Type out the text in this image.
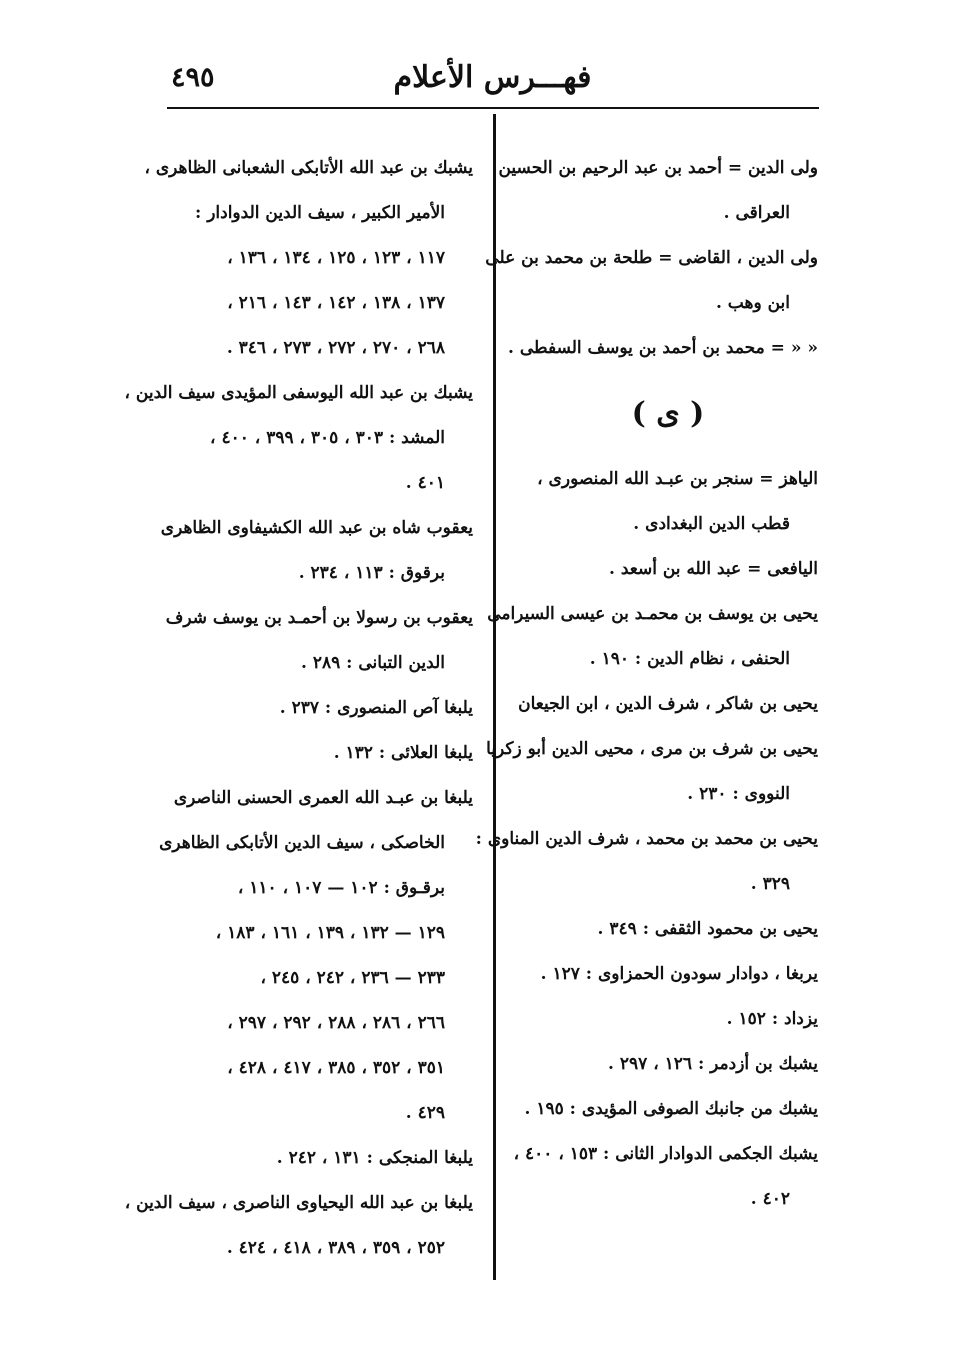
٤٩٥	فهـــرس الأعلام
ولى الدين = أحمد بن عبد الرحيم بن الحسين
العراقى .
ولى الدين ، القاضى = طلحة بن محمد بن على
ابن وهب .
« « = محمد بن أحمد بن يوسف السفطى .
( ى )
الياهز = سنجر بن عبـد الله المنصورى ،
قطب الدين البغدادى .
اليافعى = عبد الله بن أسعد .
يحيى بن يوسف بن محمـد بن عيسى السيرامى
الحنفى ، نظام الدين : ١٩٠ .
يحيى بن شاكر ، شرف الدين ، ابن الجيعان
يحيى بن شرف بن مرى ، محيى الدين أبو زكريا
النووى : ٢٣٠ .
يحيى بن محمد بن محمد ، شرف الدين المناوى :
٣٢٩ .
يحيى بن محمود الثقفى : ٣٤٩ .
يربغا ، دوادار سودون الحمزاوى : ١٢٧ .
يزداد : ١٥٢ .
يشبك بن أزدمر : ١٢٦ ، ٢٩٧ .
يشبك من جانبك الصوفى المؤيدى : ١٩٥ .
يشبك الجكمى الدوادار الثانى : ١٥٣ ، ٤٠٠ ،
٤٠٢ .
يشبك بن عبد الله الأتابكى الشعبانى الظاهرى ،
الأمير الكبير ، سيف الدين الدوادار :
١١٧ ، ١٢٣ ، ١٢٥ ، ١٣٤ ، ١٣٦ ،
١٣٧ ، ١٣٨ ، ١٤٢ ، ١٤٣ ، ٢١٦ ،
٢٦٨ ، ٢٧٠ ، ٢٧٢ ، ٢٧٣ ، ٣٤٦ .
يشبك بن عبد الله اليوسفى المؤيدى سيف الدين ،
المشد : ٣٠٣ ، ٣٠٥ ، ٣٩٩ ، ٤٠٠ ،
٤٠١ .
يعقوب شاه بن عبد الله الكشيفاوى الظاهرى
برقوق : ١١٣ ، ٢٣٤ .
يعقوب بن رسولا بن أحمـد بن يوسف شرف
الدين التبانى : ٢٨٩ .
يلبغا آص المنصورى : ٢٣٧ .
يلبغا العلائى : ١٣٢ .
يلبغا بن عبـد الله العمرى الحسنى الناصرى
الخاصكى ، سيف الدين الأتابكى الظاهرى
برقـوق : ١٠٢ — ١٠٧ ، ١١٠ ،
١٢٩ — ١٣٢ ، ١٣٩ ، ١٦١ ، ١٨٣ ،
٢٣٣ — ٢٣٦ ، ٢٤٢ ، ٢٤٥ ،
٢٦٦ ، ٢٨٦ ، ٢٨٨ ، ٢٩٢ ، ٢٩٧ ،
٣٥١ ، ٣٥٢ ، ٣٨٥ ، ٤١٧ ، ٤٢٨ ،
٤٢٩ .
يلبغا المنجكى : ١٣١ ، ٢٤٢ .
يلبغا بن عبد الله اليحياوى الناصرى ، سيف الدين ،
٢٥٢ ، ٣٥٩ ، ٣٨٩ ، ٤١٨ ، ٤٢٤ .
